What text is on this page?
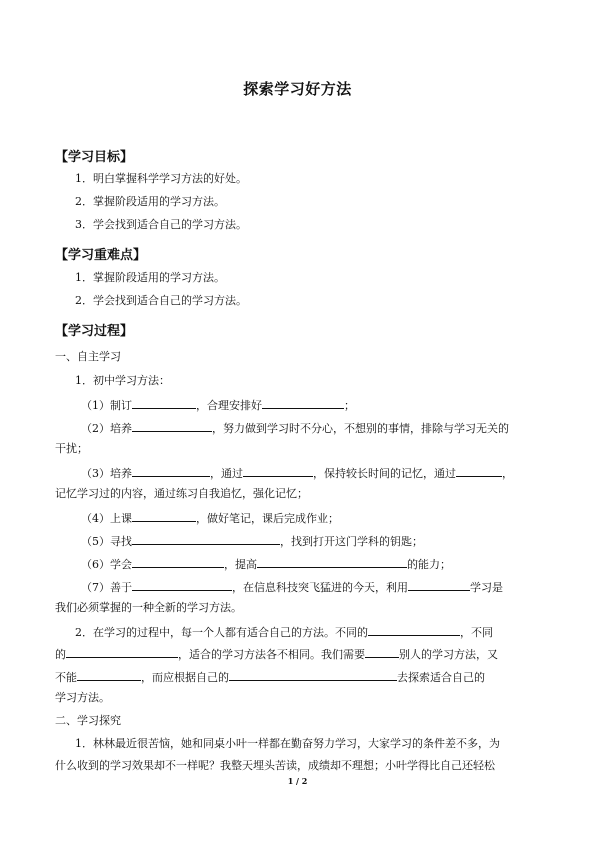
探索学习好方法
【学习目标】
1．明白掌握科学学习方法的好处。
2．掌握阶段适用的学习方法。
3．学会找到适合自己的学习方法。
【学习重难点】
1．掌握阶段适用的学习方法。
2．学会找到适合自己的学习方法。
【学习过程】
一、自主学习
1．初中学习方法：
（1）制订	，合理安排好	；
（2）培养	，努力做到学习时不分心，不想别的事情，排除与学习无关的
干扰；
（3）培养	，通过	，保持较长时间的记忆，通过	，
记忆学习过的内容，通过练习自我追忆，强化记忆；
（4）上课	，做好笔记，课后完成作业；
（5）寻找	，找到打开这门学科的钥匙；
（6）学会	，提高	的能力；
（7）善于	，在信息科技突飞猛进的今天，利用	学习是
我们必须掌握的一种全新的学习方法。
2．在学习的过程中，每一个人都有适合自己的方法。不同的	，不同
的	，适合的学习方法各不相同。我们需要	别人的学习方法，又
不能	，而应根据自己的	去探索适合自己的
学习方法。
二、学习探究
1．林林最近很苦恼，她和同桌小叶一样都在勤奋努力学习，大家学习的条件差不多，为
什么收到的学习效果却不一样呢？我整天埋头苦读，成绩却不理想；小叶学得比自己还轻松
1 / 2
